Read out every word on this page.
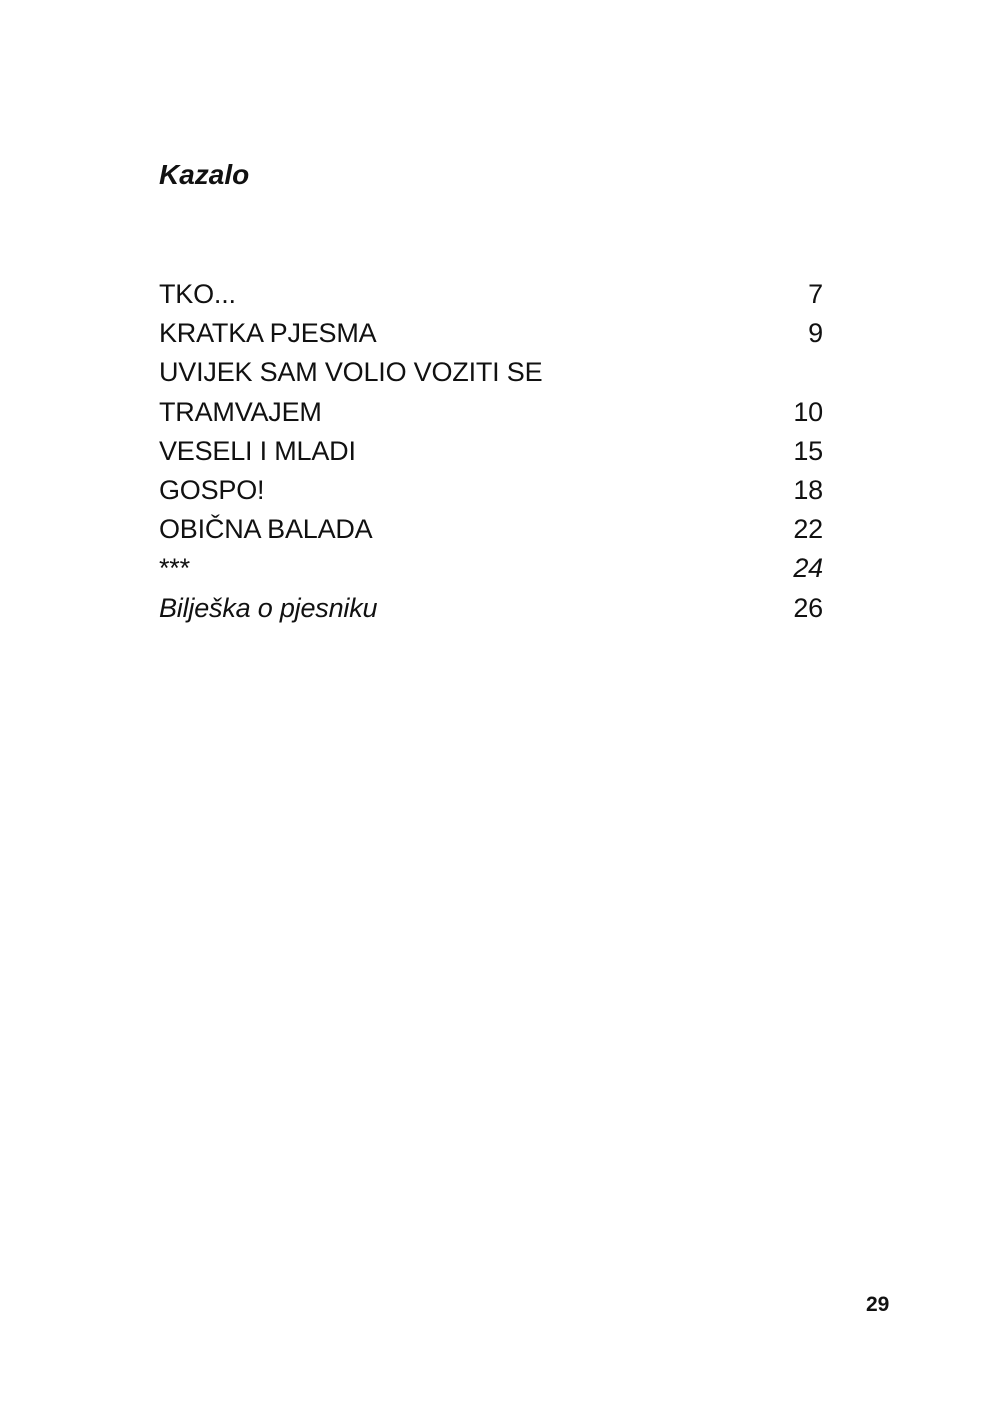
Kazalo
TKO...	7
KRATKA PJESMA	9
UVIJEK SAM VOLIO VOZITI SE
TRAMVAJEM	10
VESELI I MLADI	15
GOSPO!	18
OBIČNA BALADA	22
***	24
Bilješka o pjesniku	26
29
